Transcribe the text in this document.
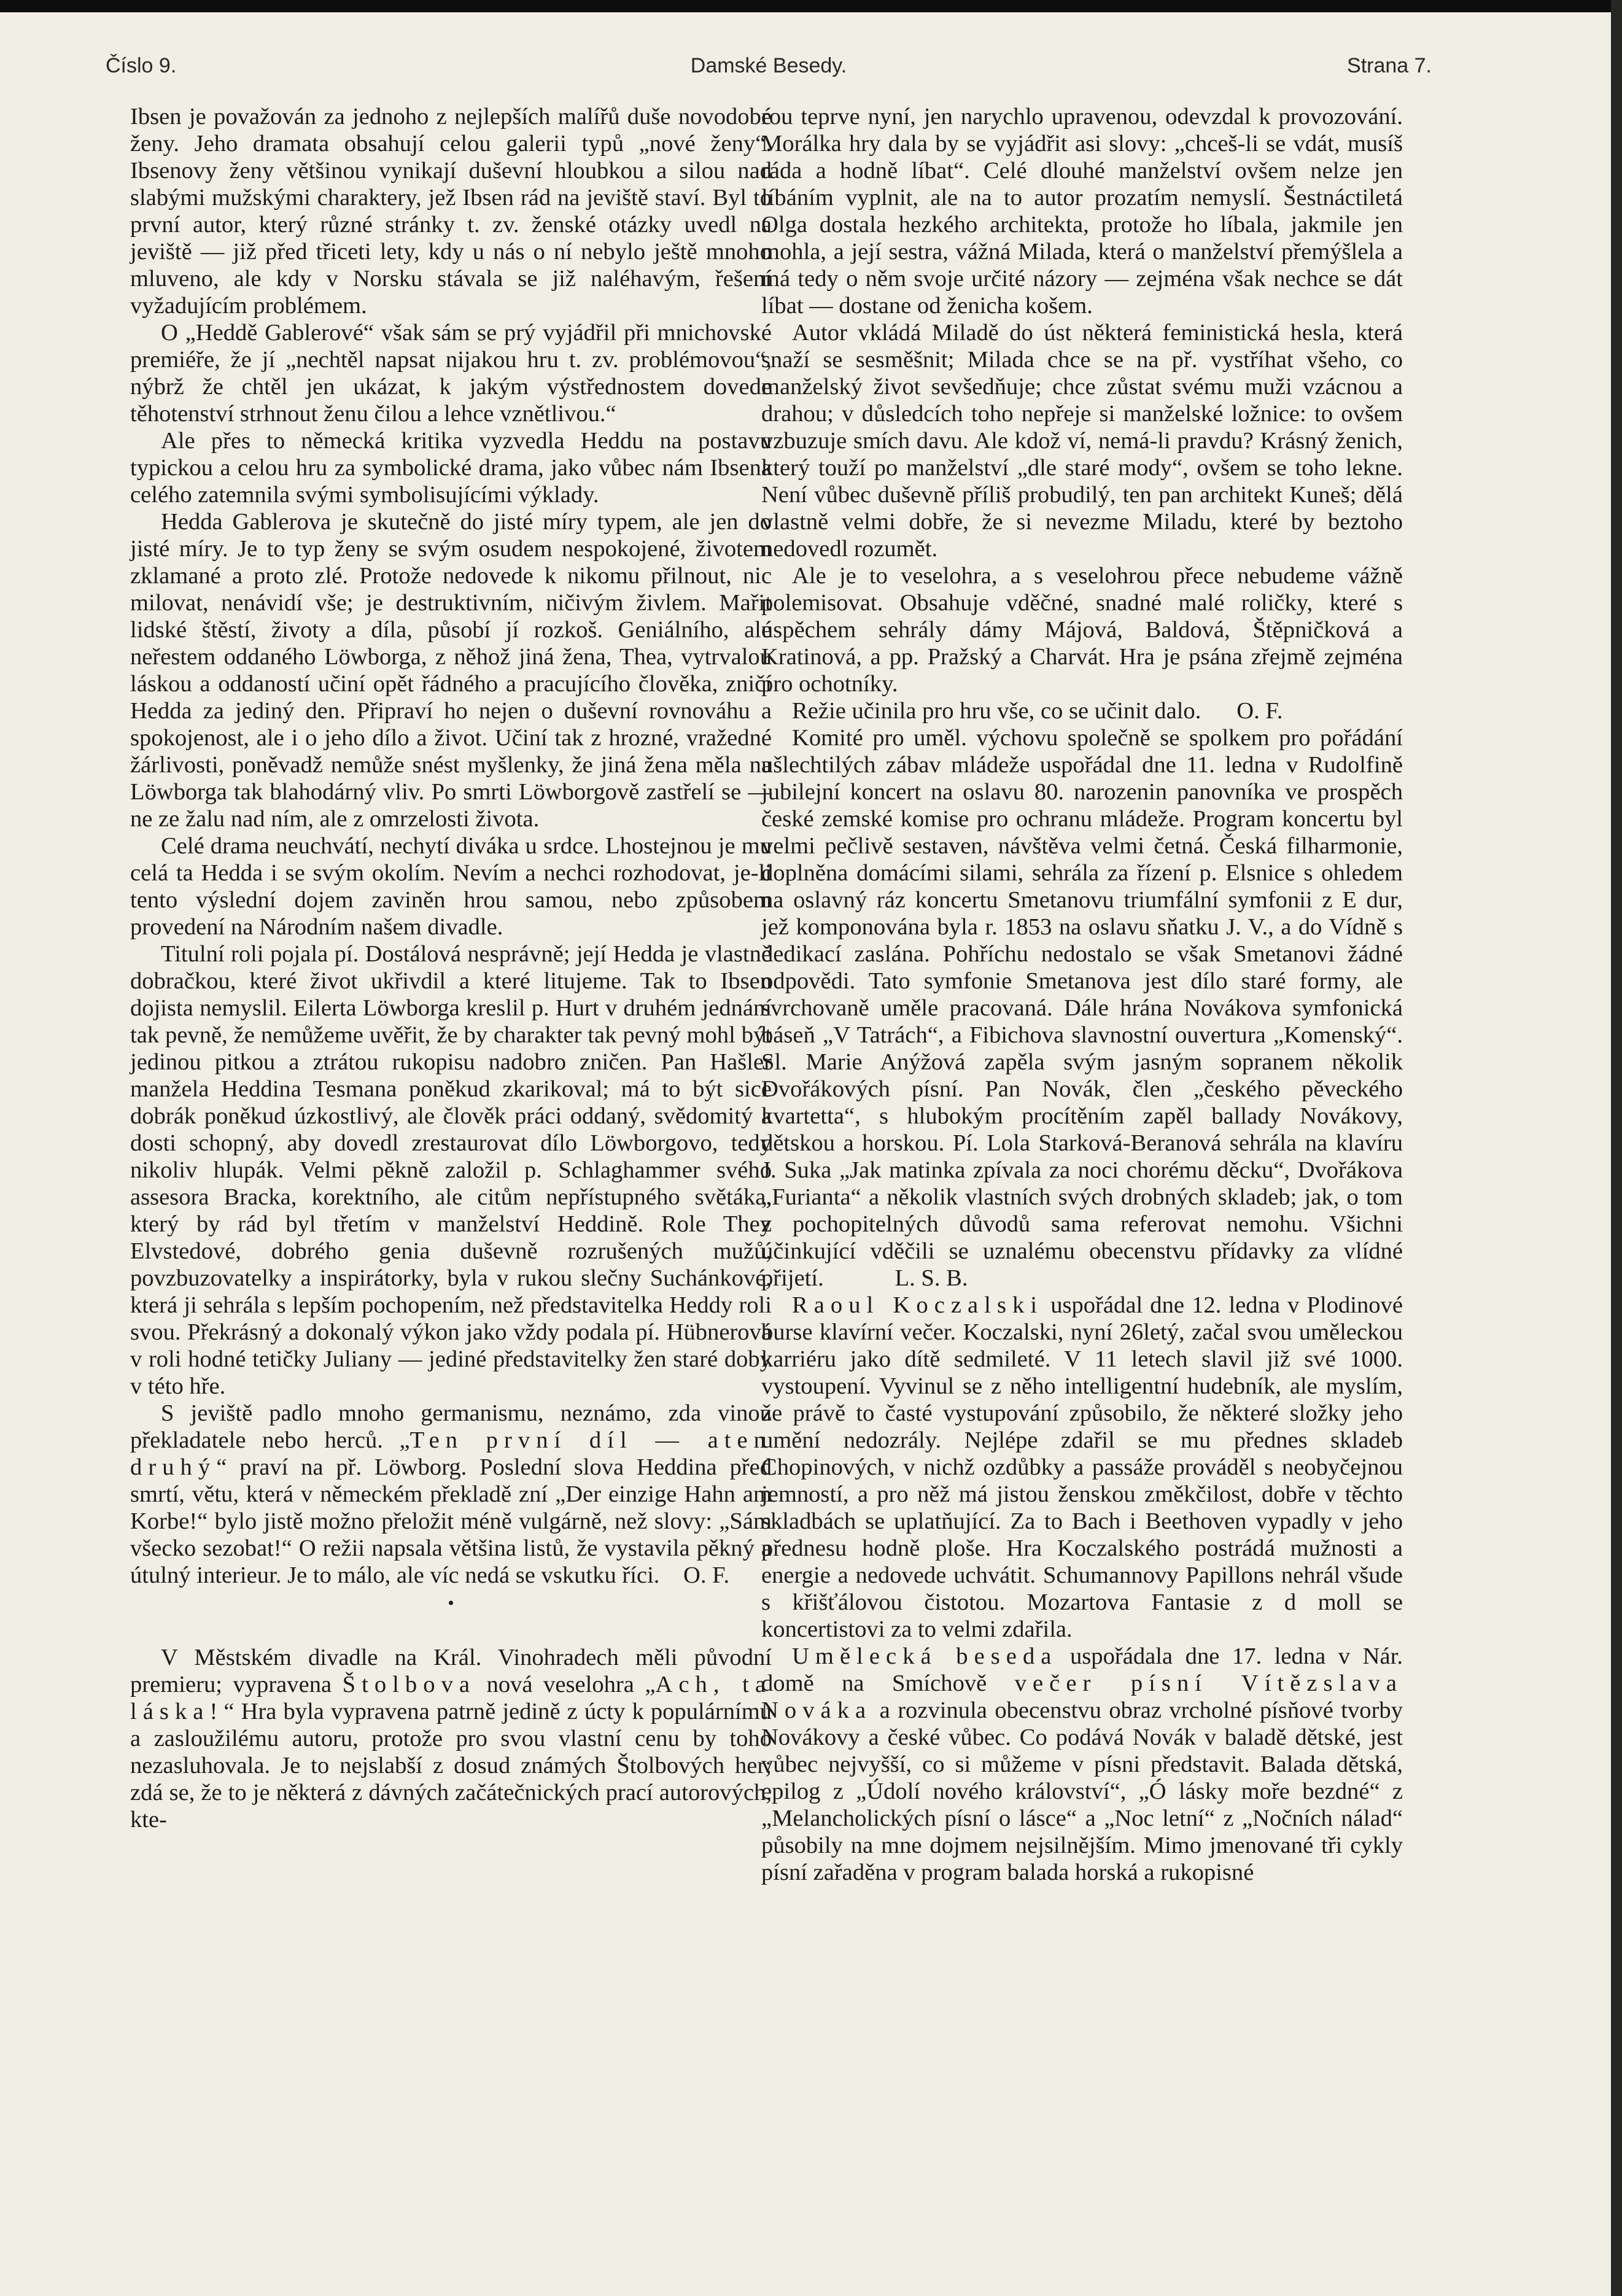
Číslo 9.	Damské Besedy.	Strana 7.

Ibsen je považován za jednoho z nejlepších malířů duše novodobé ženy. Jeho dramata obsahují celou galerii typů „nové ženy“. Ibsenovy ženy většinou vynikají duševní hloubkou a silou nad slabými mužskými charaktery, jež Ibsen rád na jeviště staví. Byl to první autor, který různé stránky t. zv. ženské otázky uvedl na jeviště — již před třiceti lety, kdy u nás o ní nebylo ještě mnoho mluveno, ale kdy v Norsku stávala se již naléhavým, řešení vyžadujícím problémem.

O „Heddě Gablerové“ však sám se prý vyjádřil při mnichovské premiéře, že jí „nechtěl napsat nijakou hru t. zv. problémovou“, nýbrž že chtěl jen ukázat, k jakým výstřednostem dovede těhotenství strhnout ženu čilou a lehce vznětlivou.“

Ale přes to německá kritika vyzvedla Heddu na postavu typickou a celou hru za symbolické drama, jako vůbec nám Ibsena celého zatemnila svými symbolisujícími výklady.

Hedda Gablerova je skutečně do jisté míry typem, ale jen do jisté míry. Je to typ ženy se svým osudem nespokojené, životem zklamané a proto zlé. Protože nedovede k nikomu přilnout, nic milovat, nenávidí vše; je destruktivním, ničivým živlem. Mařit lidské štěstí, životy a díla, působí jí rozkoš. Geniálního, ale neřestem oddaného Löwborga, z něhož jiná žena, Thea, vytrvalou láskou a oddaností učiní opět řádného a pracujícího člověka, zničí Hedda za jediný den. Připraví ho nejen o duševní rovnováhu a spokojenost, ale i o jeho dílo a život. Učiní tak z hrozné, vražedné žárlivosti, poněvadž nemůže snést myšlenky, že jiná žena měla na Löwborga tak blahodárný vliv. Po smrti Löwborgově zastřelí se — ne ze žalu nad ním, ale z omrzelosti života.

Celé drama neuchvátí, nechytí diváka u srdce. Lhostejnou je mu celá ta Hedda i se svým okolím. Nevím a nechci rozhodovat, je-li tento výslední dojem zaviněn hrou samou, nebo způsobem provedení na Národním našem divadle.

Titulní roli pojala pí. Dostálová nesprávně; její Hedda je vlastně dobračkou, které život ukřivdil a které litujeme. Tak to Ibsen dojista nemyslil. Eilerta Löwborga kreslil p. Hurt v druhém jednání tak pevně, že nemůžeme uvěřit, že by charakter tak pevný mohl být jedinou pitkou a ztrátou rukopisu nadobro zničen. Pan Hašler manžela Heddina Tesmana poněkud zkarikoval; má to být sice dobrák poněkud úzkostlivý, ale člověk práci oddaný, svědomitý a dosti schopný, aby dovedl zrestaurovat dílo Löwborgovo, tedy nikoliv hlupák. Velmi pěkně založil p. Schlaghammer svého assesora Bracka, korektního, ale citům nepřístupného světáka, který by rád byl třetím v manželství Heddině. Role They Elvstedové, dobrého genia duševně rozrušených mužů, povzbuzovatelky a inspirátorky, byla v rukou slečny Suchánkové, která ji sehrála s lepším pochopením, než představitelka Heddy roli svou. Překrásný a dokonalý výkon jako vždy podala pí. Hübnerová v roli hodné tetičky Juliany — jediné představitelky žen staré doby v této hře.

S jeviště padlo mnoho germanismu, neznámo, zda vinou překladatele nebo herců. „Ten první díl — aten druhý“ praví na př. Löwborg. Poslední slova Heddina před smrtí, větu, která v německém překladě zní „Der einzige Hahn am Korbe!“ bylo jistě možno přeložit méně vulgárně, než slovy: „Sám všecko sezobat!“ O režii napsala většina listů, že vystavila pěkný a útulný interieur. Je to málo, ale víc nedá se vskutku říci. O. F.

•

V Městském divadle na Král. Vinohradech měli původní premieru; vypravena Štolbova nová veselohra „Ach, ta láska!“ Hra byla vypravena patrně jedině z úcty k populárnímu a zasloužilému autoru, protože pro svou vlastní cenu by toho nezasluhovala. Je to nejslabší z dosud známých Štolbových her; zdá se, že to je některá z dávných začátečnických prací autorových, kte-

rou teprve nyní, jen narychlo upravenou, odevzdal k provozování. Morálka hry dala by se vyjádřit asi slovy: „chceš-li se vdát, musíš ráda a hodně líbat“. Celé dlouhé manželství ovšem nelze jen líbáním vyplnit, ale na to autor prozatím nemyslí. Šestnáctiletá Olga dostala hezkého architekta, protože ho líbala, jakmile jen mohla, a její sestra, vážná Milada, která o manželství přemýšlela a má tedy o něm svoje určité názory — zejména však nechce se dát líbat — dostane od ženicha košem.

Autor vkládá Miladě do úst některá feministická hesla, která snaží se sesměšnit; Milada chce se na př. vystříhat všeho, co manželský život sevšedňuje; chce zůstat svému muži vzácnou a drahou; v důsledcích toho nepřeje si manželské ložnice: to ovšem vzbuzuje smích davu. Ale kdož ví, nemá-li pravdu? Krásný ženich, který touží po manželství „dle staré mody“, ovšem se toho lekne. Není vůbec duševně příliš probudilý, ten pan architekt Kuneš; dělá vlastně velmi dobře, že si nevezme Miladu, které by beztoho nedovedl rozumět.

Ale je to veselohra, a s veselohrou přece nebudeme vážně polemisovat. Obsahuje vděčné, snadné malé roličky, které s úspěchem sehrály dámy Májová, Baldová, Štěpničková a Kratinová, a pp. Pražský a Charvát. Hra je psána zřejmě zejména pro ochotníky.

Režie učinila pro hru vše, co se učinit dalo. O. F.

Komité pro uměl. výchovu společně se spolkem pro pořádání ušlechtilých zábav mládeže uspořádal dne 11. ledna v Rudolfině jubilejní koncert na oslavu 80. narozenin panovníka ve prospěch české zemské komise pro ochranu mládeže. Program koncertu byl velmi pečlivě sestaven, návštěva velmi četná. Česká filharmonie, doplněna domácími silami, sehrála za řízení p. Elsnice s ohledem na oslavný ráz koncertu Smetanovu triumfální symfonii z E dur, jež komponována byla r. 1853 na oslavu sňatku J. V., a do Vídně s dedikací zaslána. Pohříchu nedostalo se však Smetanovi žádné odpovědi. Tato symfonie Smetanova jest dílo staré formy, ale svrchovaně uměle pracovaná. Dále hrána Novákova symfonická báseň „V Tatrách“, a Fibichova slavnostní ouvertura „Komenský“. Sl. Marie Anýžová zapěla svým jasným sopranem několik Dvořákových písní. Pan Novák, člen „českého pěveckého kvartetta“, s hlubokým procítěním zapěl ballady Novákovy, dětskou a horskou. Pí. Lola Starková-Beranová sehrála na klavíru J. Suka „Jak matinka zpívala za noci chorému děcku“, Dvořákova „Furianta“ a několik vlastních svých drobných skladeb; jak, o tom z pochopitelných důvodů sama referovat nemohu. Všichni účinkující vděčili se uznalému obecenstvu přídavky za vlídné přijetí.	L. S. B.

Raoul Koczalski uspořádal dne 12. ledna v Plodinové burse klavírní večer. Koczalski, nyní 26letý, začal svou uměleckou karriéru jako dítě sedmileté. V 11 letech slavil již své 1000. vystoupení. Vyvinul se z něho intelligentní hudebník, ale myslím, že právě to časté vystupování způsobilo, že některé složky jeho umění nedozrály. Nejlépe zdařil se mu přednes skladeb Chopinových, v nichž ozdůbky a passáže prováděl s neobyčejnou jemností, a pro něž má jistou ženskou změkčilost, dobře v těchto skladbách se uplatňující. Za to Bach i Beethoven vypadly v jeho přednesu hodně ploše. Hra Koczalského postrádá mužnosti a energie a nedovede uchvátit. Schumannovy Papillons nehrál všude s křišťálovou čistotou. Mozartova Fantasie z d moll se koncertistovi za to velmi zdařila.

Umělecká beseda uspořádala dne 17. ledna v Nár. domě na Smíchově večer písní Vítězslava Nováka a rozvinula obecenstvu obraz vrcholné písňové tvorby Novákovy a české vůbec. Co podává Novák v baladě dětské, jest vůbec nejvyšší, co si můžeme v písni představit. Balada dětská, epilog z „Údolí nového království“, „Ó lásky moře bezdné“ z „Melancholických písní o lásce“ a „Noc letní“ z „Nočních nálad“ působily na mne dojmem nejsilnějším. Mimo jmenované tři cykly písní zařaděna v program balada horská a rukopisné
